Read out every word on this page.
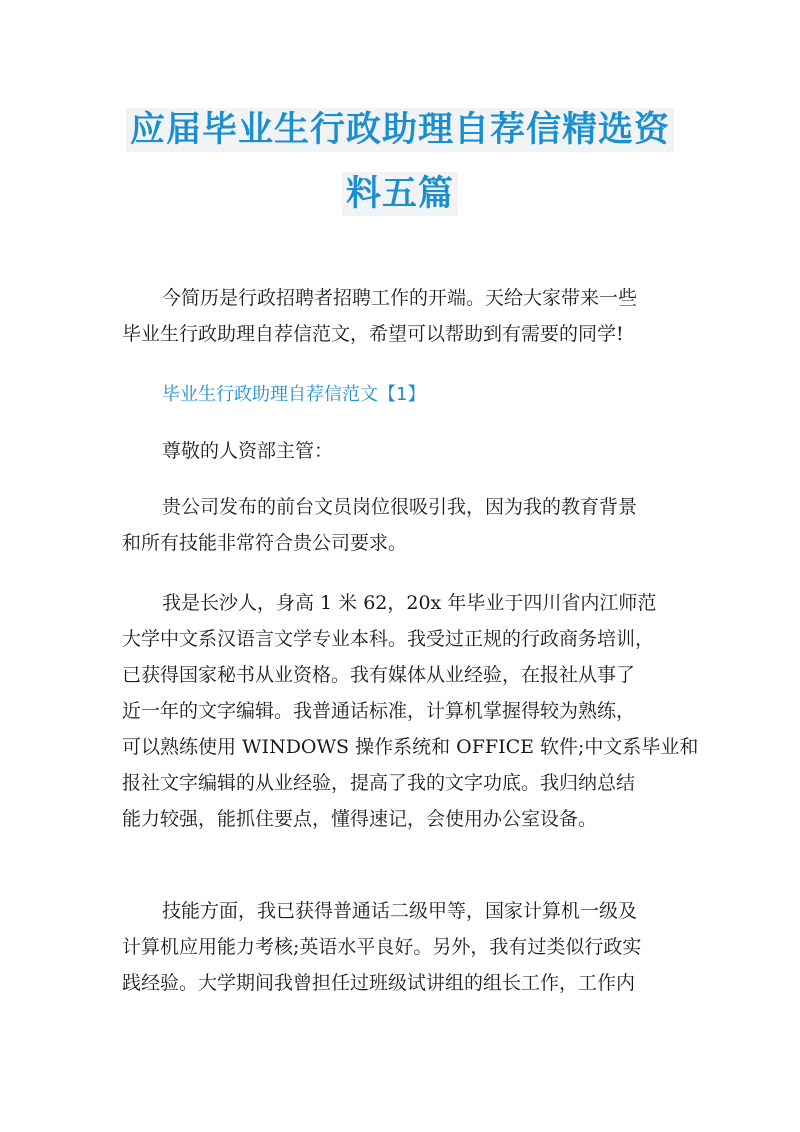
应届毕业生行政助理自荐信精选资
料五篇
今简历是行政招聘者招聘工作的开端。天给大家带来一些
毕业生行政助理自荐信范文，希望可以帮助到有需要的同学!
毕业生行政助理自荐信范文【1】
尊敬的人资部主管：
贵公司发布的前台文员岗位很吸引我，因为我的教育背景
和所有技能非常符合贵公司要求。
我是长沙人，身高 1 米 62，20x 年毕业于四川省内江师范
大学中文系汉语言文学专业本科。我受过正规的行政商务培训，
已获得国家秘书从业资格。我有媒体从业经验，在报社从事了
近一年的文字编辑。我普通话标准，计算机掌握得较为熟练，
可以熟练使用 WINDOWS 操作系统和 OFFICE 软件;中文系毕业和
报社文字编辑的从业经验，提高了我的文字功底。我归纳总结
能力较强，能抓住要点，懂得速记，会使用办公室设备。
技能方面，我已获得普通话二级甲等，国家计算机一级及
计算机应用能力考核;英语水平良好。另外，我有过类似行政实
践经验。大学期间我曾担任过班级试讲组的组长工作，工作内
